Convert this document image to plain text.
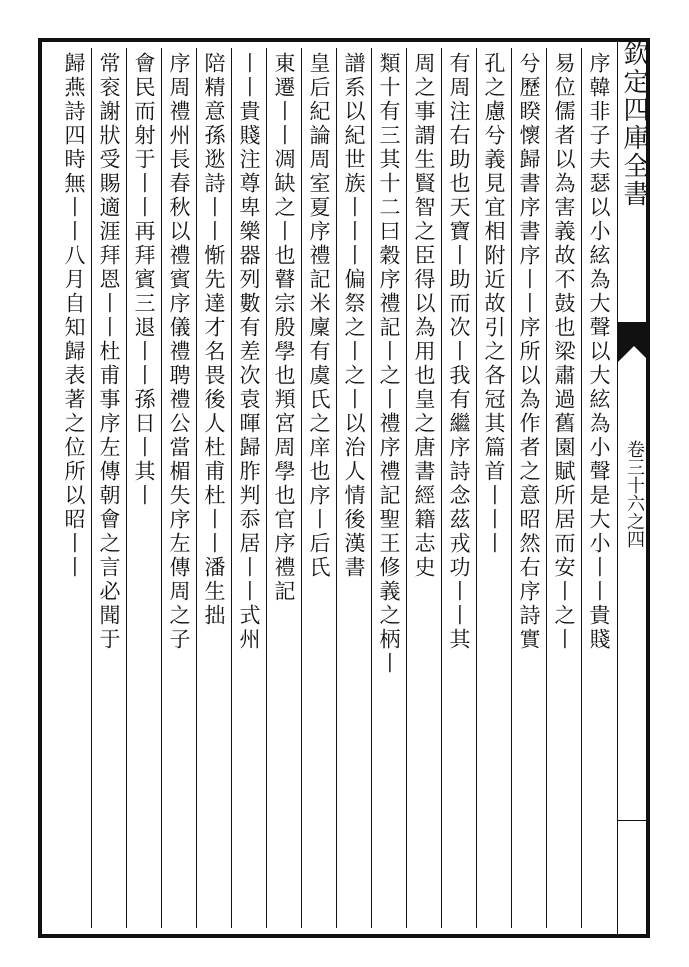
欽定四庫全書
卷三十六之四
序韓非子夫瑟以小絃為大聲以大絃為小聲是大小丨丨貴賤
易位儒者以為害義故不鼓也梁肅過舊園賦所居而安丨之丨
兮歷睽懷歸書序書序丨丨序所以為作者之意昭然右序詩實
孔之慮兮義見宜相附近故引之各冠其篇首丨丨丨
有周注右助也天寶丨助而次丨我有繼序詩念茲戎功丨丨其
周之事謂生賢智之臣得以為用也皇之唐書經籍志史
類十有三其十二曰穀序禮記丨之丨禮序禮記聖王修義之柄丨
譜系以紀世族丨丨丨偏祭之丨之丨以治人情後漢書
皇后紀論周室夏序禮記米廩有虞氏之庠也序丨后氏
東遷丨丨凋缺之丨也瞽宗殷學也頖宮周學也官序禮記
丨丨貴賤注尊卑樂器列數有差次袁暉歸胙判忝居丨丨式州
陪精意孫逖詩丨丨惭先達才名畏後人杜甫杜丨丨潘生拙
序周禮州長春秋以禮賓序儀禮聘禮公當楣失序左傳周之子
會民而射于丨丨再拜賓三退丨丨孫日丨其丨
常衮謝狀受賜適涯拜恩丨丨杜甫事序左傳朝會之言必聞于
歸燕詩四時無丨丨八月自知歸表著之位所以昭丨丨
